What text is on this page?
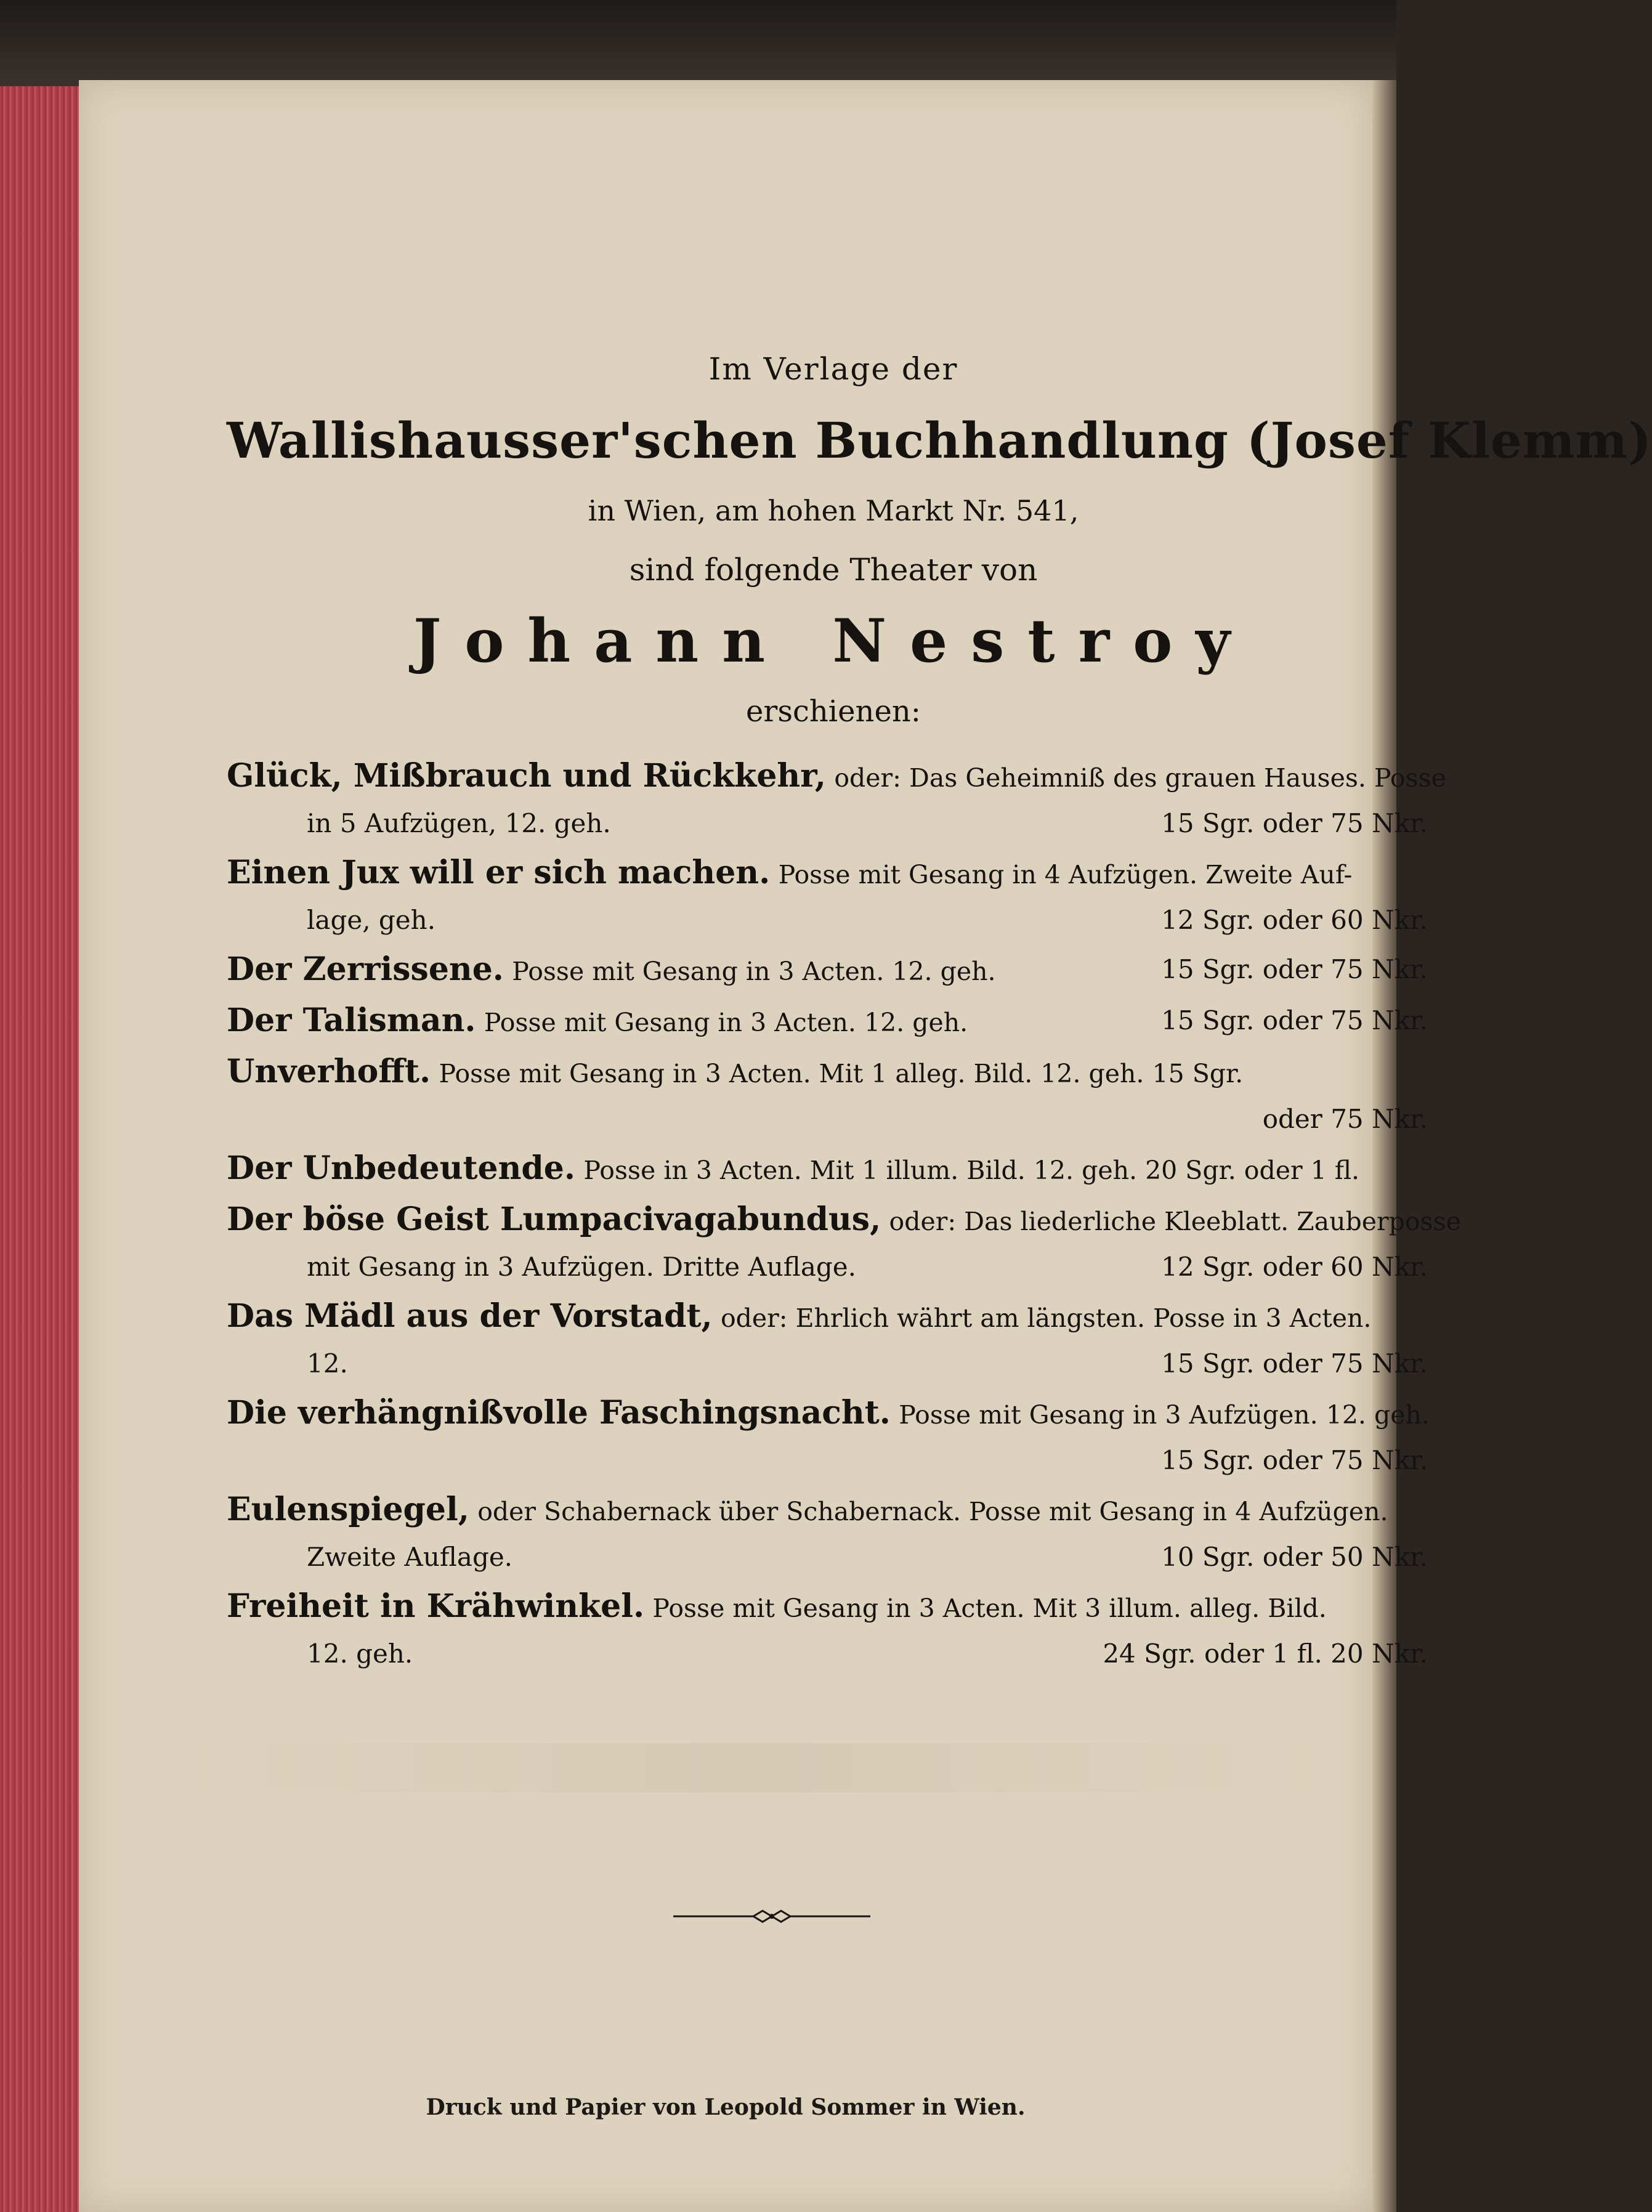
Im Verlage der
Wallishausser'schen Buchhandlung (Josef Klemm)
in Wien, am hohen Markt Nr. 541,
sind folgende Theater von
Johann Nestroy
erschienen:
Glück, Mißbrauch und Rückkehr, oder: Das Geheimniß des grauen Hauses. Posse
in 5 Aufzügen, 12. geh.	15 Sgr. oder 75 Nkr.
Einen Jux will er sich machen. Posse mit Gesang in 4 Aufzügen. Zweite Auf-
lage, geh.	12 Sgr. oder 60 Nkr.
Der Zerrissene. Posse mit Gesang in 3 Acten. 12. geh.	15 Sgr. oder 75 Nkr.
Der Talisman. Posse mit Gesang in 3 Acten. 12. geh.	15 Sgr. oder 75 Nkr.
Unverhofft. Posse mit Gesang in 3 Acten. Mit 1 alleg. Bild. 12. geh. 15 Sgr.
oder 75 Nkr.
Der Unbedeutende. Posse in 3 Acten. Mit 1 illum. Bild. 12. geh. 20 Sgr. oder 1 fl.
Der böse Geist Lumpacivagabundus, oder: Das liederliche Kleeblatt. Zauberposse
mit Gesang in 3 Aufzügen. Dritte Auflage.	12 Sgr. oder 60 Nkr.
Das Mädl aus der Vorstadt, oder: Ehrlich währt am längsten. Posse in 3 Acten.
12.	15 Sgr. oder 75 Nkr.
Die verhängnißvolle Faschingsnacht. Posse mit Gesang in 3 Aufzügen. 12. geh.
15 Sgr. oder 75 Nkr.
Eulenspiegel, oder Schabernack über Schabernack. Posse mit Gesang in 4 Aufzügen.
Zweite Auflage.	10 Sgr. oder 50 Nkr.
Freiheit in Krähwinkel. Posse mit Gesang in 3 Acten. Mit 3 illum. alleg. Bild.
12. geh.	24 Sgr. oder 1 fl. 20 Nkr.
Druck und Papier von Leopold Sommer in Wien.
